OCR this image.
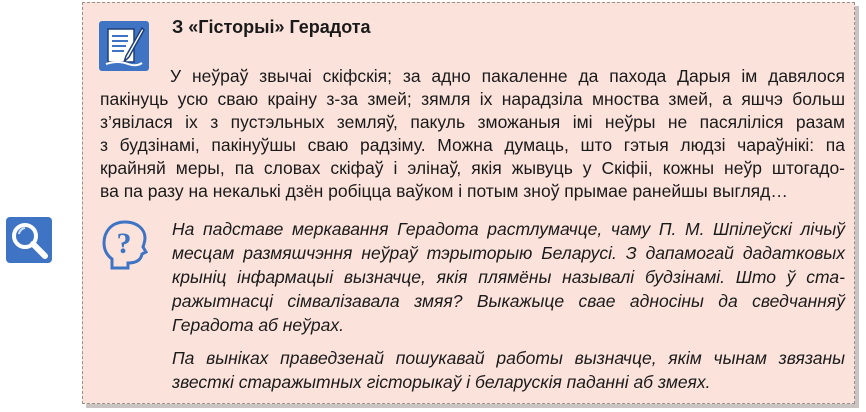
З «Гісторыі» Герадота
У неўраў звычаі скіфскія; за адно пакаленне да пахода Дарыя ім давялося
пакінуць усю сваю краіну з-за змей; зямля іх нарадзіла мноства змей, а яшчэ больш
з’явілася іх з пустэльных земляў, пакуль зможаныя імі неўры не пасяліліся разам
з будзінамі, пакінуўшы сваю радзіму. Можна думаць, што гэтыя людзі чараўнікі: па
крайняй меры, па словах скіфаў і элінаў, якія жывуць у Скіфіі, кожны неўр штогадо-
ва па разу на некалькі дзён робіцца ваўком і потым зноў прымае ранейшы выгляд…
? На падставе меркавання Герадота растлумачце, чаму П. М. Шпілеўскі лічыў
месцам размяшчэння неўраў тэрыторыю Беларусі. З дапамогай дадатковых
крыніц інфармацыі вызначце, якія плямёны называлі будзінамі. Што ў ста-
ражытнасці сімвалізавала змяя? Выкажыце свае адносіны да сведчанняў
Герадота аб неўрах.
Па выніках праведзенай пошукавай работы вызначце, якім чынам звязаны
звесткі старажытных гісторыкаў і беларускія паданні аб змеях.
